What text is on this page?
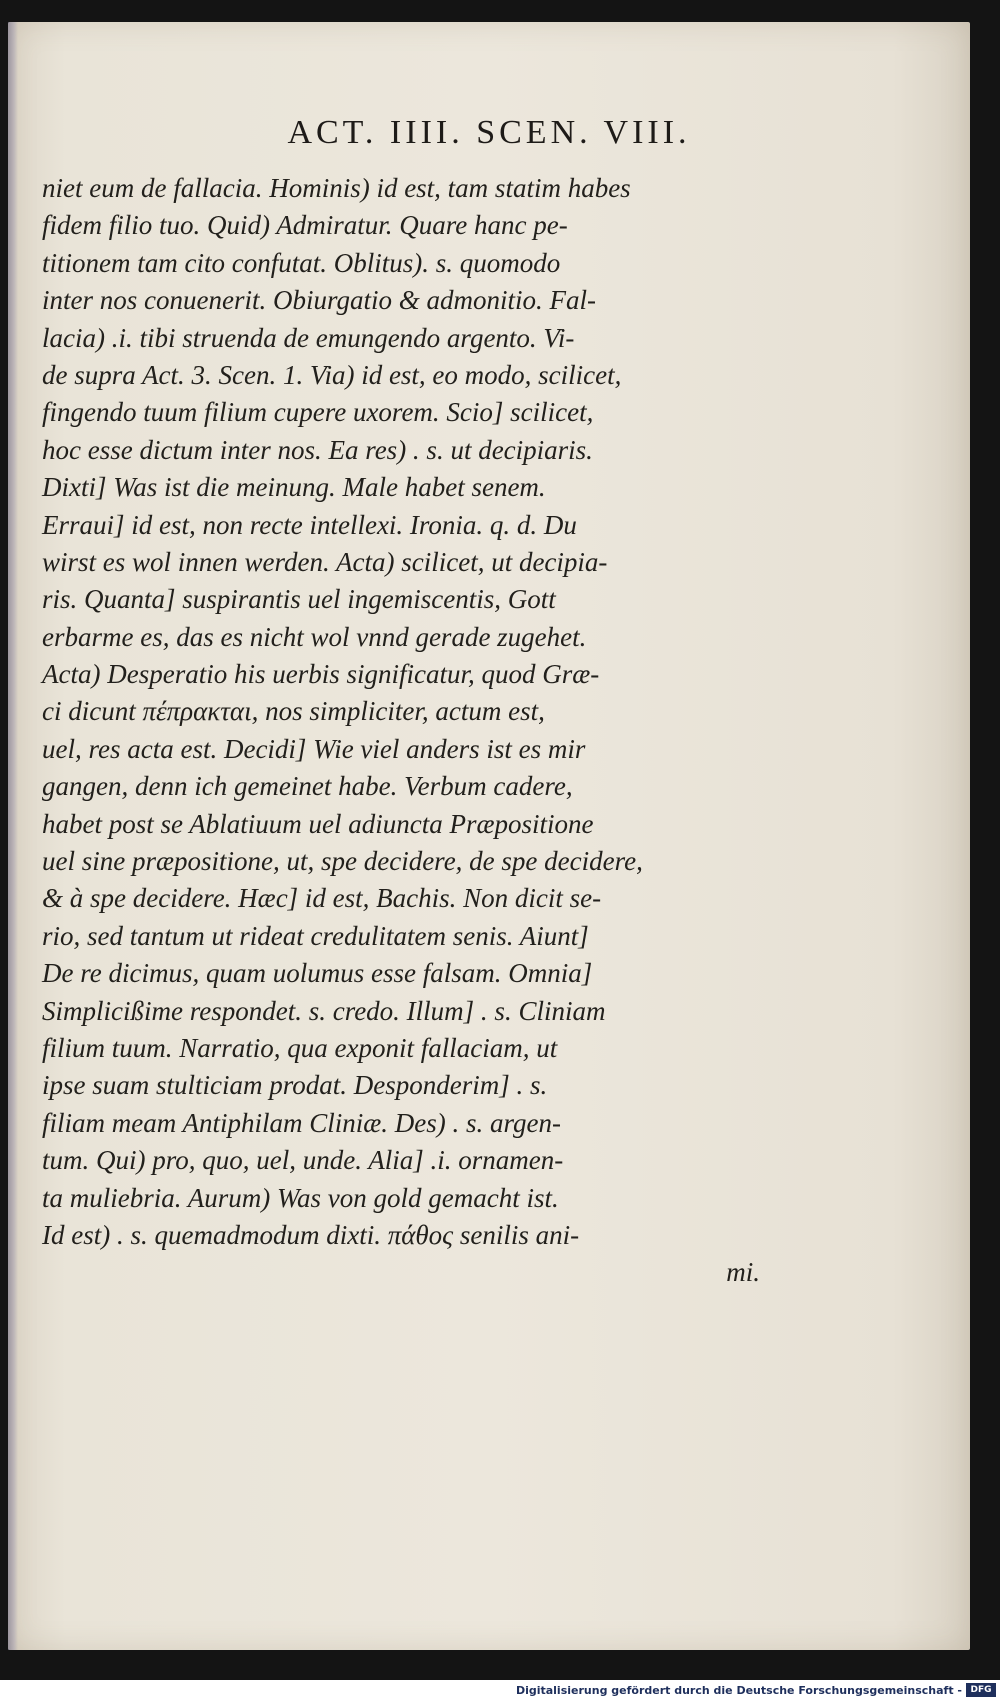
ACT. IIII. SCEN. VIII.
niet eum de fallacia. Hominis) id est, tam statim habes
fidem filio tuo. Quid) Admiratur. Quare hanc pe-
titionem tam cito confutat. Oblitus). s. quomodo
inter nos conuenerit. Obiurgatio & admonitio. Fal-
lacia) .i. tibi struenda de emungendo argento. Vi-
de supra Act. 3. Scen. 1. Via) id est, eo modo, scilicet,
fingendo tuum filium cupere uxorem. Scio] scilicet,
hoc esse dictum inter nos. Ea res) . s. ut decipiaris.
Dixti] Was ist die meinung. Male habet senem.
Erraui] id est, non recte intellexi. Ironia. q. d. Du
wirst es wol innen werden. Acta) scilicet, ut decipia-
ris. Quanta] suspirantis uel ingemiscentis, Gott
erbarme es, das es nicht wol vnnd gerade zugehet.
Acta) Desperatio his uerbis significatur, quod Græ-
ci dicunt πέπρακται, nos simpliciter, actum est,
uel, res acta est. Decidi] Wie viel anders ist es mir
gangen, denn ich gemeinet habe. Verbum cadere,
habet post se Ablatiuum uel adiuncta Præpositione
uel sine præpositione, ut, spe decidere, de spe decidere,
& à spe decidere. Hæc] id est, Bachis. Non dicit se-
rio, sed tantum ut rideat credulitatem senis. Aiunt]
De re dicimus, quam uolumus esse falsam. Omnia]
Simplicißime respondet. s. credo. Illum] . s. Cliniam
filium tuum. Narratio, qua exponit fallaciam, ut
ipse suam stulticiam prodat. Desponderim] . s.
filiam meam Antiphilam Cliniæ. Des) . s. argen-
tum. Qui) pro, quo, uel, unde. Alia] .i. ornamen-
ta muliebria. Aurum) Was von gold gemacht ist.
Id est) . s. quemadmodum dixti. πάθος senilis ani-
mi.
Digitalisierung gefördert durch die Deutsche Forschungsgemeinschaft - DFG
